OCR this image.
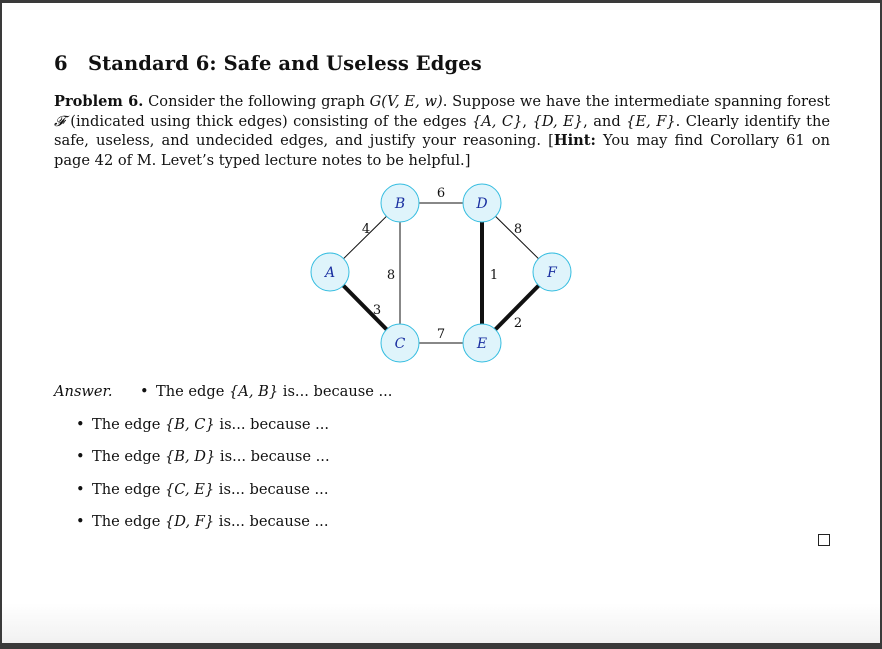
6 Standard 6: Safe and Useless Edges
Problem 6. Consider the following graph G(V, E, w). Suppose we have the intermediate spanning forest 𝓕 (indicated using thick edges) consisting of the edges {A, C}, {D, E}, and {E, F}. Clearly identify the safe, useless, and undecided edges, and justify your reasoning. [Hint: You may find Corollary 61 on page 42 of M. Levet’s typed lecture notes to be helpful.]
4
6
8
8	1
3
7
2
A
B
C
D
E
F
Answer. • The edge {A, B} is... because ...
• The edge {B, C} is... because ...
• The edge {B, D} is... because ...
• The edge {C, E} is... because ...
• The edge {D, F} is... because ...
